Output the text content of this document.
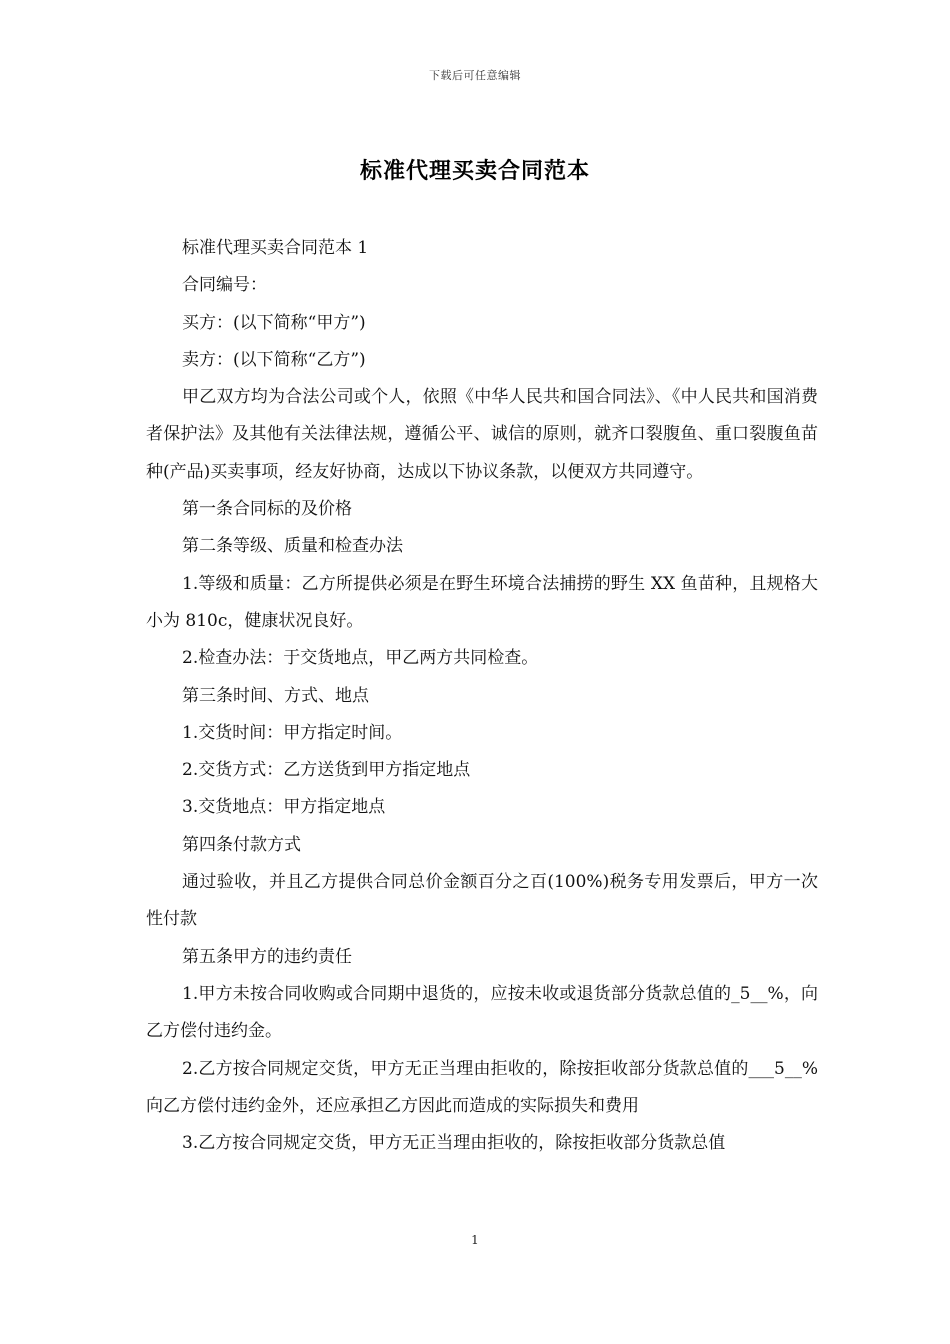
下载后可任意编辑
标准代理买卖合同范本

标准代理买卖合同范本 1

合同编号：

买方：(以下简称“甲方”)

卖方：(以下简称“乙方”)

甲乙双方均为合法公司或个人，依照《中华人民共和国合同法》、《中人民共和国消费者保护法》及其他有关法律法规，遵循公平、诚信的原则，就齐口裂腹鱼、重口裂腹鱼苗种(产品)买卖事项，经友好协商，达成以下协议条款，以便双方共同遵守。

第一条合同标的及价格

第二条等级、质量和检查办法

1.等级和质量：乙方所提供必须是在野生环境合法捕捞的野生 XX 鱼苗种，且规格大小为 810c，健康状况良好。

2.检查办法：于交货地点，甲乙两方共同检查。

第三条时间、方式、地点

1.交货时间：甲方指定时间。

2.交货方式：乙方送货到甲方指定地点

3.交货地点：甲方指定地点

第四条付款方式

通过验收，并且乙方提供合同总价金额百分之百(100%)税务专用发票后，甲方一次性付款

第五条甲方的违约责任

1.甲方未按合同收购或合同期中退货的，应按未收或退货部分货款总值的_5__%，向乙方偿付违约金。

2.乙方按合同规定交货，甲方无正当理由拒收的，除按拒收部分货款总值的___5__%向乙方偿付违约金外，还应承担乙方因此而造成的实际损失和费用

3.乙方按合同规定交货，甲方无正当理由拒收的，除按拒收部分货款总值

1
